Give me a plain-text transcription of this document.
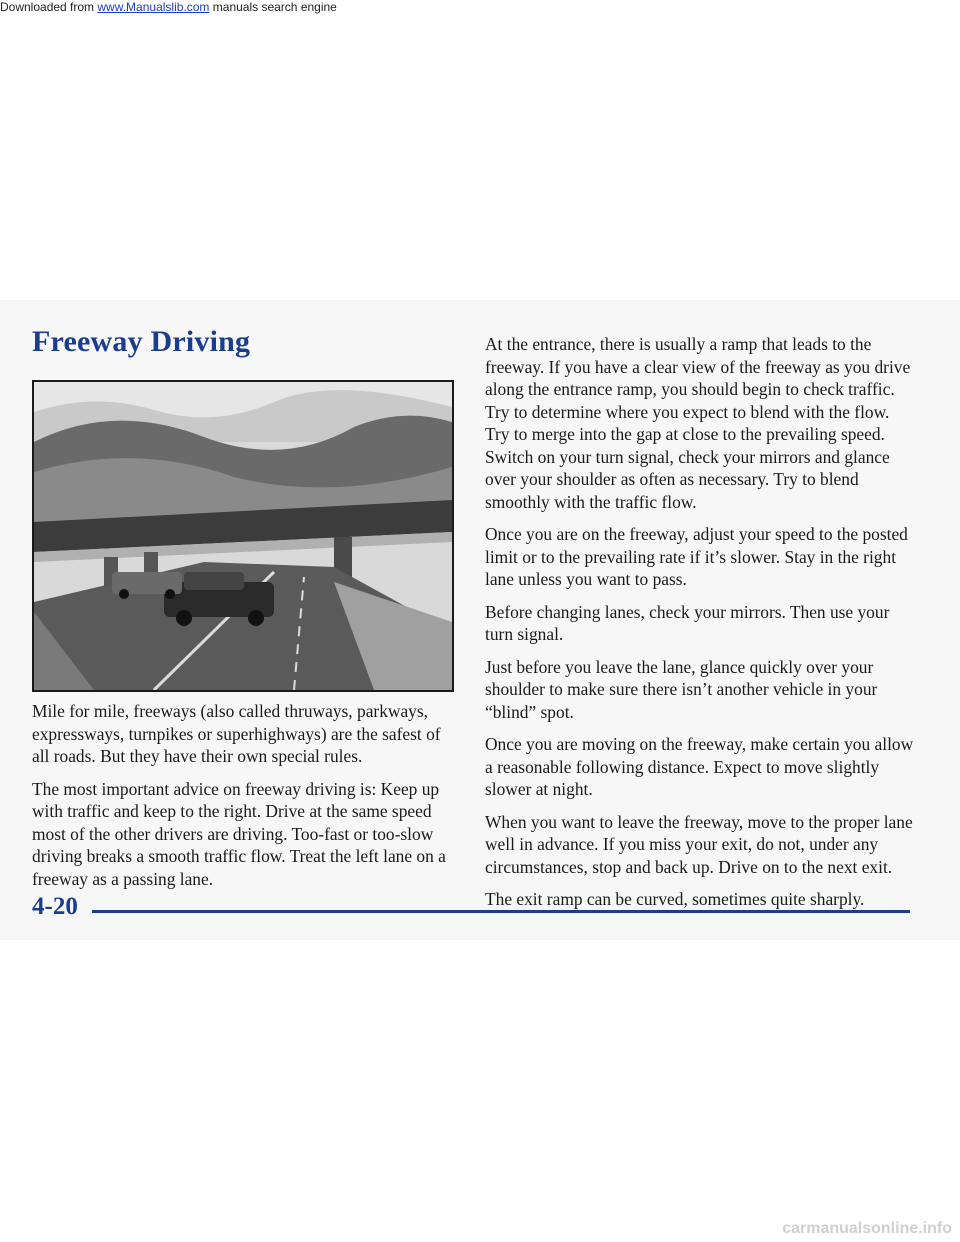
Downloaded from www.Manualslib.com manuals search engine
Freeway Driving

Mile for mile, freeways (also called thruways, parkways, expressways, turnpikes or superhighways) are the safest of all roads. But they have their own special rules.

The most important advice on freeway driving is: Keep up with traffic and keep to the right. Drive at the same speed most of the other drivers are driving. Too-fast or too-slow driving breaks a smooth traffic flow. Treat the left lane on a freeway as a passing lane.

At the entrance, there is usually a ramp that leads to the freeway. If you have a clear view of the freeway as you drive along the entrance ramp, you should begin to check traffic. Try to determine where you expect to blend with the flow. Try to merge into the gap at close to the prevailing speed. Switch on your turn signal, check your mirrors and glance over your shoulder as often as necessary. Try to blend smoothly with the traffic flow.

Once you are on the freeway, adjust your speed to the posted limit or to the prevailing rate if it’s slower. Stay in the right lane unless you want to pass.

Before changing lanes, check your mirrors. Then use your turn signal.

Just before you leave the lane, glance quickly over your shoulder to make sure there isn’t another vehicle in your “blind” spot.

Once you are moving on the freeway, make certain you allow a reasonable following distance. Expect to move slightly slower at night.

When you want to leave the freeway, move to the proper lane well in advance. If you miss your exit, do not, under any circumstances, stop and back up. Drive on to the next exit.

The exit ramp can be curved, sometimes quite sharply.

4-20
carmanualsonline.info
